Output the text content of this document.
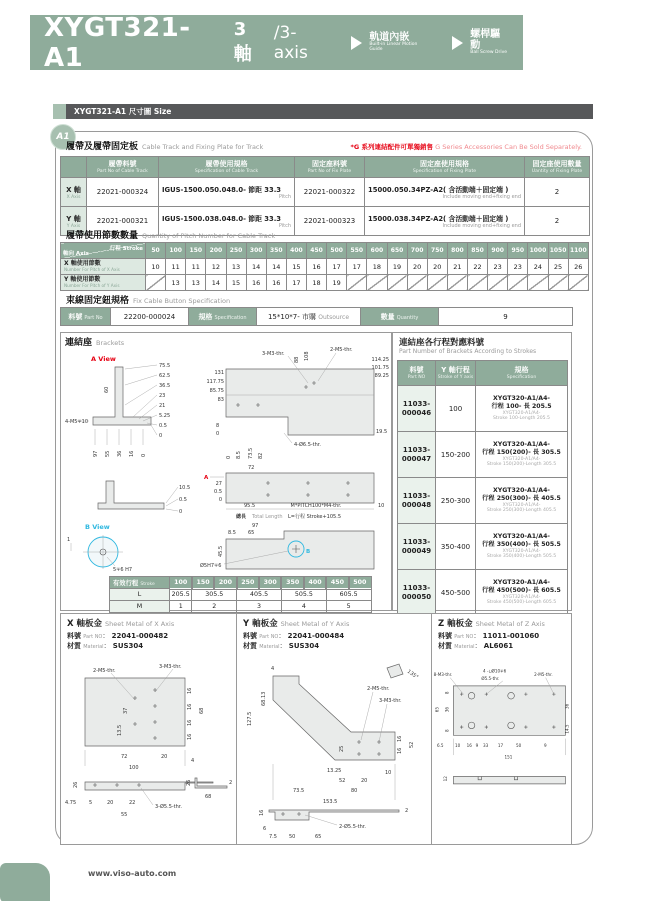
XYGT321-A1
3 軸
/3-axis
軌道內嵌
Built-in Linear Motion Guide
螺桿驅動
Ball Screw Drive
XYGT321-A1 尺寸圖 Size
A1
履帶及履帶固定板 Cable Track and Fixing Plate for Track	*G 系列連結配件可單獨銷售 G Series Accessories Can Be Sold Separately.

履帶料號
Part No of Cable Track

履帶使用規格
Specification of Cable Track

固定座料號
Part No of Fix Plate

固定座使用規格
Specification of Fixing Plate

固定座使用數量
Uantity of Fixing Plate

X 軸
X Axis
	22021-000324	IGUS-1500.050.048.0- 節距 33.3
Pitch
	22021-000322	15000.050.34PZ-A2( 含活動端＋固定端 )
Include moving end+fixing end
	2

Y 軸
Y Axis
	22021-000321	IGUS-1500.038.048.0- 節距 33.3
Pitch
	22021-000323	15000.038.34PZ-A2( 含活動端＋固定端 )
Include moving end+fixing end
	2
履帶使用節數數量 Quantity of Pitch Number for Cable Track
行程 Stroke
軸向 Axis	50	100	150	200	250	300	350	400	450	500	550	600	650	700	750	800	850	900	950	1000	1050	1100

X 軸使用節數
Number For Pitch of X Axis	10	11	11	12	13	14	14	15	16	17	17	18	19	20	20	21	22	23	23	24	25	26

Y 軸使用節數
Number For Pitch of Y Axis		13	13	14	15	16	16	17	18	19												
束線固定鈕規格 Fix Cable Button Specification
料號 Part No	22200-000024	規格 Specification	15*10*7- 市購 Outsource	數量 Quantity	9
連結座 Brackets
A View
75.5
62.5
36.5
23
21
5.25
0.5
0
60
4-M5∓10
97 55 36 16 0
10.5
0.5
0
B View
1
5∓6 H7
131
117.75
85.75
83
3-M3-thr.
88 108
2-M5-thr.
114.25
101.75
89.25
19.5
8
0
4-Ø6.5-thr.
0 8.5 73.5 82
72
A
27
0.5
0
95.5	M*PITCH100*M4-thr.	10
總長 Total Length L=行程 Stroke+105.5
97
8.5 65
45.5	B
Ø5H7∓6
有效行程 Stroke	100	150	200	250	300	350	400	450	500
L	205.5	305.5		405.5		505.5		605.5	
M	1	2		3		4		5	
連結座各行程對應料號
Part Number of Brackets According to Strokes
料號
Part NO

Y 軸行程
Stroke of Y axis

規格
Specification

11033-
000046	100	
XYGT320-A1/A4-
行程 100- 長 205.5
XYGT320-A1/A4-
Stroke 100-Length 205.5

11033-
000047	150-200	
XYGT320-A1/A4-
行程 150(200)- 長 305.5
XYGT320-A1/A4-
Stroke 150(200)-Length 305.5

11033-
000048	250-300	
XYGT320-A1/A4-
行程 250(300)- 長 405.5
XYGT320-A1/A4-
Stroke 250(300)-Length 405.5

11033-
000049	350-400	
XYGT320-A1/A4-
行程 350(400)- 長 505.5
XYGT320-A1/A4-
Stroke 350(400)-Length 505.5

11033-
000050	450-500	
XYGT320-A1/A4-
行程 450(500)- 長 605.5
XYGT320-A1/A4-
Stroke 450(500)-Length 605.5
X 軸板金 Sheet Metal of X Axis
料號 Part NO： 22041-000482
材質 Material： SUS304
2-M5-thr.
3-M3-thr.
37
13.5
16
16
16
16
68
72	20
4
100
26
4.75	5	20	22
55
3-Ø5.5-thr.
26
68
2
Y 軸板金 Sheet Metal of Y Axis
料號 Part NO： 22041-000484
材質 Material： SUS304
4	135°
127.5
68.13
2-M5-thr.
3-M3-thr.
25
13.25
52	20
10
16
16
52
73.5	80
153.5
16
6
7.5 50	65
2-Ø5.5-thr.
2
Z 軸板金 Sheet Metal of Z Axis
料號 Part NO： 11011-001060
材質 Material： AL6061
8-M3-thr.
4 -⊔Ø10∓6
Ø5.5-thr.
2-M5-thr.
8
36
8
65
36
14.5
6.5 10 16 9 33 17	50	9
151
12
www.viso-auto.com
